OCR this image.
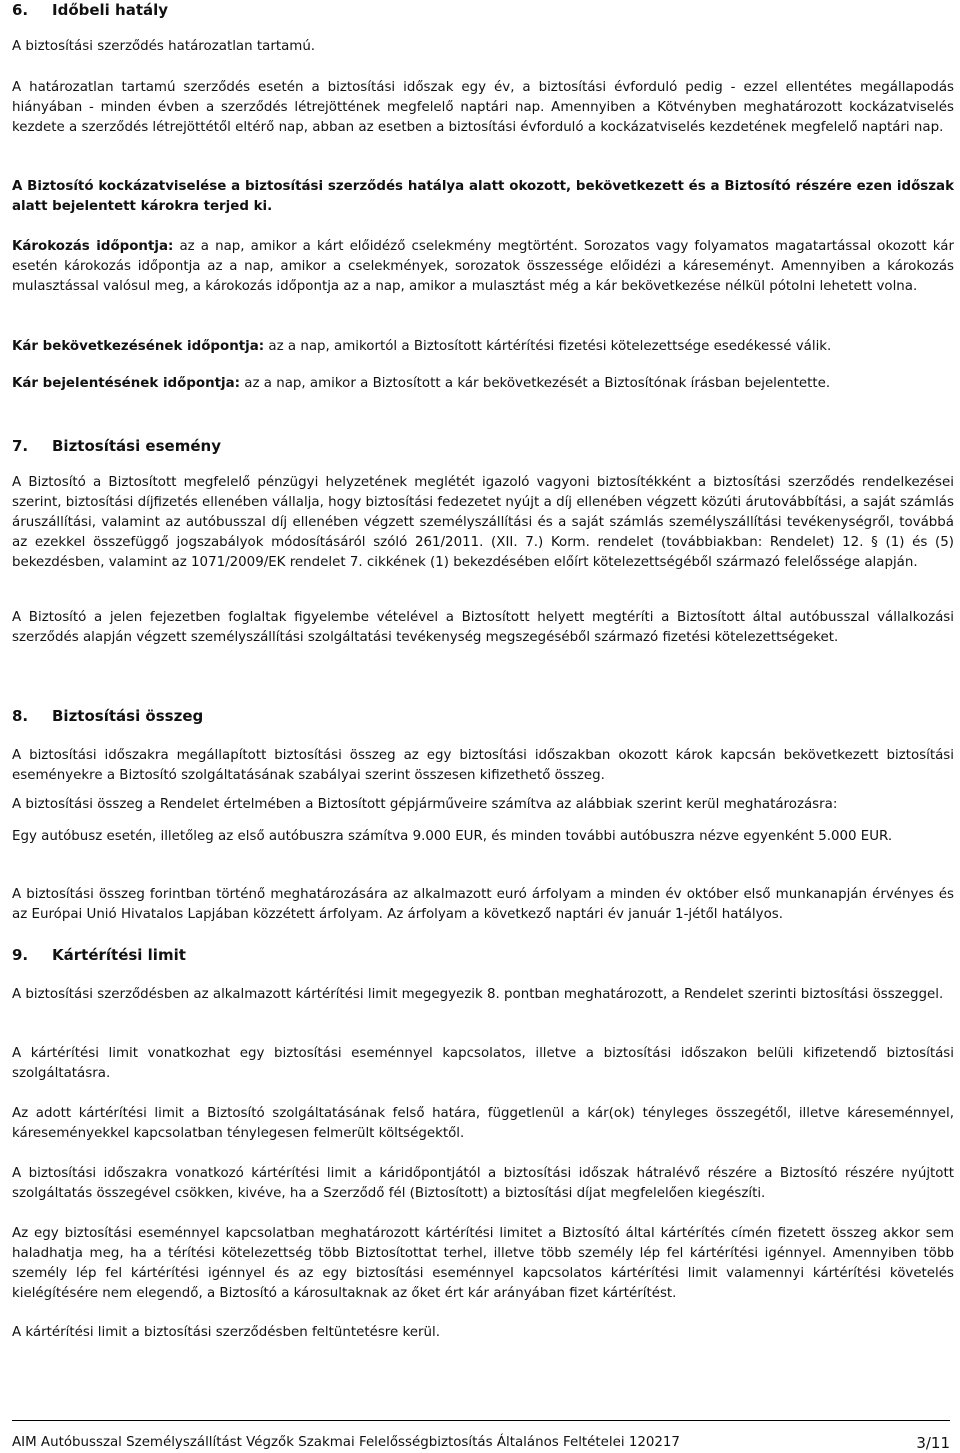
6. Időbeli hatály

A biztosítási szerződés határozatlan tartamú.

A határozatlan tartamú szerződés esetén a biztosítási időszak egy év, a biztosítási évforduló pedig - ezzel ellentétes megállapodás hiányában - minden évben a szerződés létrejöttének megfelelő naptári nap. Amennyiben a Kötvényben meghatározott kockázatviselés kezdete a szerződés létrejöttétől eltérő nap, abban az esetben a biztosítási évforduló a kockázatviselés kezdetének megfelelő naptári nap.

A Biztosító kockázatviselése a biztosítási szerződés hatálya alatt okozott, bekövetkezett és a Biztosító részére ezen időszak alatt bejelentett károkra terjed ki.

Károkozás időpontja: az a nap, amikor a kárt előidéző cselekmény megtörtént. Sorozatos vagy folyamatos magatartással okozott kár esetén károkozás időpontja az a nap, amikor a cselekmények, sorozatok összessége előidézi a káreseményt. Amennyiben a károkozás mulasztással valósul meg, a károkozás időpontja az a nap, amikor a mulasztást még a kár bekövetkezése nélkül pótolni lehetett volna.

Kár bekövetkezésének időpontja: az a nap, amikortól a Biztosított kártérítési fizetési kötelezettsége esedékessé válik.

Kár bejelentésének időpontja: az a nap, amikor a Biztosított a kár bekövetkezését a Biztosítónak írásban bejelentette.

7. Biztosítási esemény

A Biztosító a Biztosított megfelelő pénzügyi helyzetének meglétét igazoló vagyoni biztosítékként a biztosítási szerződés rendelkezései szerint, biztosítási díjfizetés ellenében vállalja, hogy biztosítási fedezetet nyújt a díj ellenében végzett közúti árutovábbítási, a saját számlás áruszállítási, valamint az autóbusszal díj ellenében végzett személyszállítási és a saját számlás személyszállítási tevékenységről, továbbá az ezekkel összefüggő jogszabályok módosításáról szóló 261/2011. (XII. 7.) Korm. rendelet (továbbiakban: Rendelet) 12. § (1) és (5) bekezdésben, valamint az 1071/2009/EK rendelet 7. cikkének (1) bekezdésében előírt kötelezettségéből származó felelőssége alapján.

A Biztosító a jelen fejezetben foglaltak figyelembe vételével a Biztosított helyett megtéríti a Biztosított által autóbusszal vállalkozási szerződés alapján végzett személyszállítási szolgáltatási tevékenység megszegéséből származó fizetési kötelezettségeket.

8. Biztosítási összeg

A biztosítási időszakra megállapított biztosítási összeg az egy biztosítási időszakban okozott károk kapcsán bekövetkezett biztosítási eseményekre a Biztosító szolgáltatásának szabályai szerint összesen kifizethető összeg.

A biztosítási összeg a Rendelet értelmében a Biztosított gépjárműveire számítva az alábbiak szerint kerül meghatározásra:

Egy autóbusz esetén, illetőleg az első autóbuszra számítva 9.000 EUR, és minden további autóbuszra nézve egyenként 5.000 EUR.

A biztosítási összeg forintban történő meghatározására az alkalmazott euró árfolyam a minden év október első munkanapján érvényes és az Európai Unió Hivatalos Lapjában közzétett árfolyam. Az árfolyam a következő naptári év január 1-jétől hatályos.

9. Kártérítési limit

A biztosítási szerződésben az alkalmazott kártérítési limit megegyezik 8. pontban meghatározott, a Rendelet szerinti biztosítási összeggel.

A kártérítési limit vonatkozhat egy biztosítási eseménnyel kapcsolatos, illetve a biztosítási időszakon belüli kifizetendő biztosítási szolgáltatásra.

Az adott kártérítési limit a Biztosító szolgáltatásának felső határa, függetlenül a kár(ok) tényleges összegétől, illetve káreseménnyel, káreseményekkel kapcsolatban ténylegesen felmerült költségektől.

A biztosítási időszakra vonatkozó kártérítési limit a káridőpontjától a biztosítási időszak hátralévő részére a Biztosító részére nyújtott szolgáltatás összegével csökken, kivéve, ha a Szerződő fél (Biztosított) a biztosítási díjat megfelelően kiegészíti.

Az egy biztosítási eseménnyel kapcsolatban meghatározott kártérítési limitet a Biztosító által kártérítés címén fizetett összeg akkor sem haladhatja meg, ha a térítési kötelezettség több Biztosítottat terhel, illetve több személy lép fel kártérítési igénnyel. Amennyiben több személy lép fel kártérítési igénnyel és az egy biztosítási eseménnyel kapcsolatos kártérítési limit valamennyi kártérítési követelés kielégítésére nem elegendő, a Biztosító a károsultaknak az őket ért kár arányában fizet kártérítést.

A kártérítési limit a biztosítási szerződésben feltüntetésre kerül.

AIM Autóbusszal Személyszállítást Végzők Szakmai Felelősségbiztosítás Általános Feltételei 120217	3/11
